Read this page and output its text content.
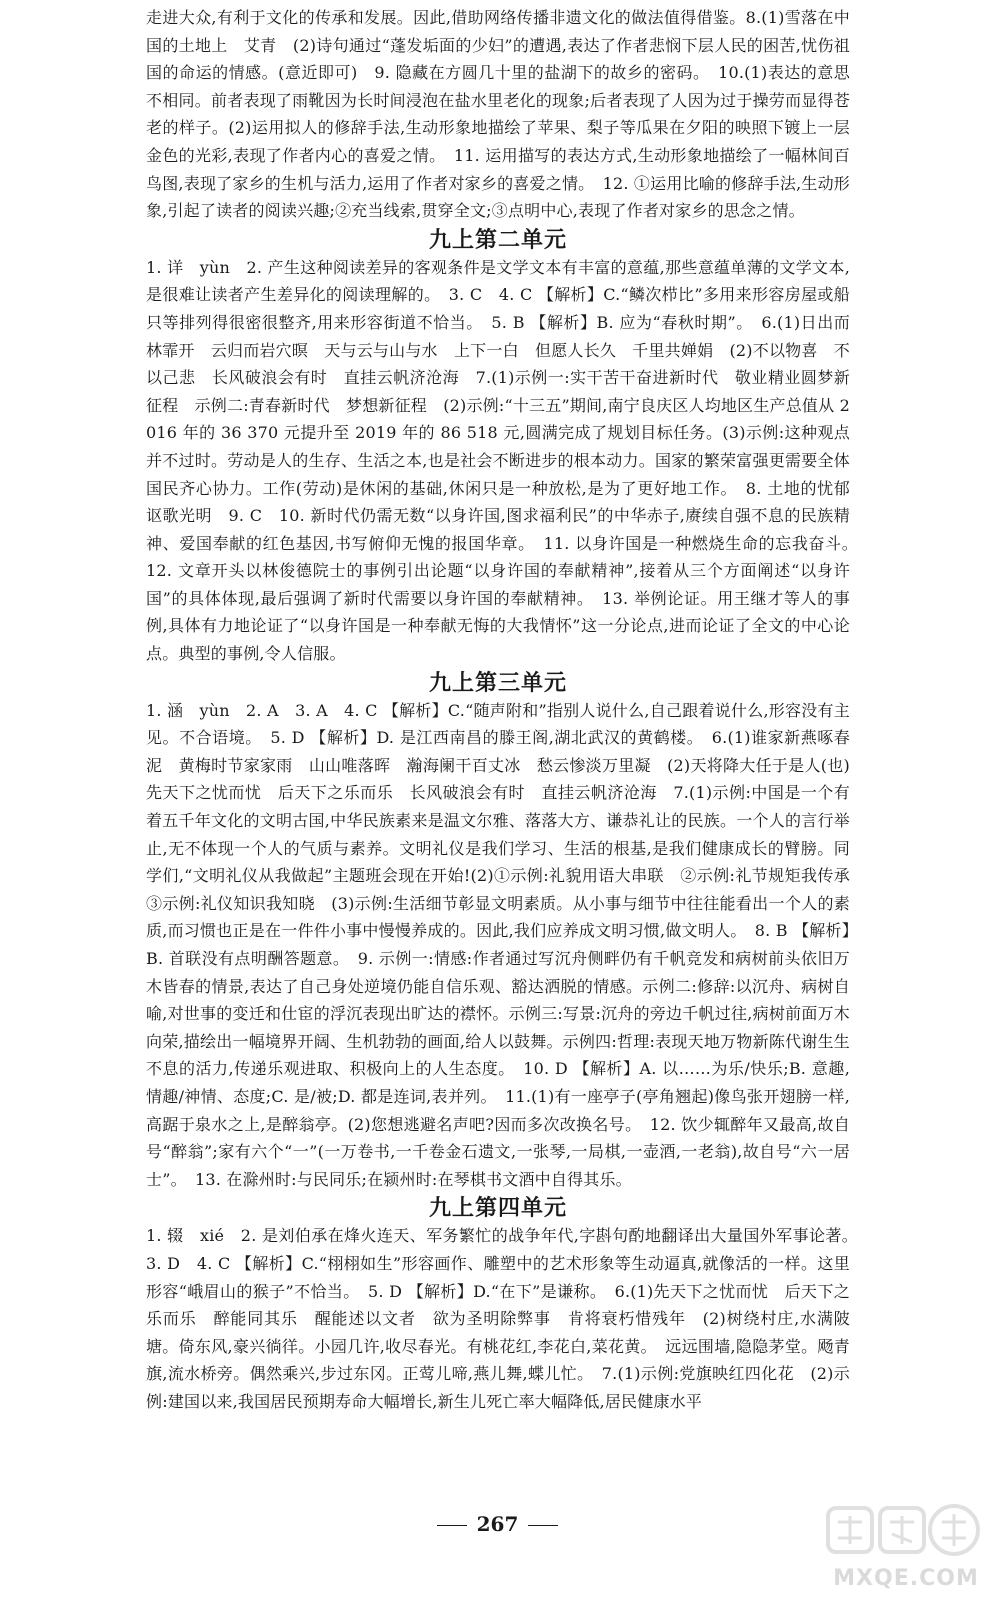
走进大众,有利于文化的传承和发展。因此,借助网络传播非遗文化的做法值得借鉴。8.(1)雪落在中国的土地上　艾青　(2)诗句通过“蓬发垢面的少妇”的遭遇,表达了作者悲悯下层人民的困苦,忧伤祖国的命运的情感。(意近即可)　9. 隐藏在方圆几十里的盐湖下的故乡的密码。　10.(1)表达的意思不相同。前者表现了雨靴因为长时间浸泡在盐水里老化的现象;后者表现了人因为过于操劳而显得苍老的样子。(2)运用拟人的修辞手法,生动形象地描绘了苹果、梨子等瓜果在夕阳的映照下镀上一层金色的光彩,表现了作者内心的喜爱之情。　11. 运用描写的表达方式,生动形象地描绘了一幅林间百鸟图,表现了家乡的生机与活力,运用了作者对家乡的喜爱之情。　12. ①运用比喻的修辞手法,生动形象,引起了读者的阅读兴趣;②充当线索,贯穿全文;③点明中心,表现了作者对家乡的思念之情。

九上第二单元

1. 详　yùn　2. 产生这种阅读差异的客观条件是文学文本有丰富的意蕴,那些意蕴单薄的文学文本,是很难让读者产生差异化的阅读理解的。　3. C　4. C 【解析】C.“鳞次栉比”多用来形容房屋或船只等排列得很密很整齐,用来形容街道不恰当。　5. B 【解析】B. 应为“春秋时期”。　6.(1)日出而林霏开　云归而岩穴暝　天与云与山与水　上下一白　但愿人长久　千里共婵娟　(2)不以物喜　不以己悲　长风破浪会有时　直挂云帆济沧海　7.(1)示例一:实干苦干奋进新时代　敬业精业圆梦新征程　示例二:青春新时代　梦想新征程　(2)示例:“十三五”期间,南宁良庆区人均地区生产总值从 2016 年的 36 370 元提升至 2019 年的 86 518 元,圆满完成了规划目标任务。(3)示例:这种观点并不过时。劳动是人的生存、生活之本,也是社会不断进步的根本动力。国家的繁荣富强更需要全体国民齐心协力。工作(劳动)是休闲的基础,休闲只是一种放松,是为了更好地工作。　8. 土地的忧郁　讴歌光明　9. C　10. 新时代仍需无数“以身许国,图求福利民”的中华赤子,赓续自强不息的民族精神、爱国奉献的红色基因,书写俯仰无愧的报国华章。　11. 以身许国是一种燃烧生命的忘我奋斗。　12. 文章开头以林俊德院士的事例引出论题“以身许国的奉献精神”,接着从三个方面阐述“以身许国”的具体体现,最后强调了新时代需要以身许国的奉献精神。　13. 举例论证。用王继才等人的事例,具体有力地论证了“以身许国是一种奉献无悔的大我情怀”这一分论点,进而论证了全文的中心论点。典型的事例,令人信服。

九上第三单元

1. 涵　yùn　2. A　3. A　4. C 【解析】C.“随声附和”指别人说什么,自己跟着说什么,形容没有主见。不合语境。　5. D 【解析】D. 是江西南昌的滕王阁,湖北武汉的黄鹤楼。　6.(1)谁家新燕啄春泥　黄梅时节家家雨　山山唯落晖　瀚海阑干百丈冰　愁云惨淡万里凝　(2)天将降大任于是人(也)　先天下之忧而忧　后天下之乐而乐　长风破浪会有时　直挂云帆济沧海　7.(1)示例:中国是一个有着五千年文化的文明古国,中华民族素来是温文尔雅、落落大方、谦恭礼让的民族。一个人的言行举止,无不体现一个人的气质与素养。文明礼仪是我们学习、生活的根基,是我们健康成长的臂膀。同学们,“文明礼仪从我做起”主题班会现在开始!(2)①示例:礼貌用语大串联　②示例:礼节规矩我传承　③示例:礼仪知识我知晓　(3)示例:生活细节彰显文明素质。从小事与细节中往往能看出一个人的素质,而习惯也正是在一件件小事中慢慢养成的。因此,我们应养成文明习惯,做文明人。　8. B 【解析】B. 首联没有点明酬答题意。　9. 示例一:情感:作者通过写沉舟侧畔仍有千帆竞发和病树前头依旧万木皆春的情景,表达了自己身处逆境仍能自信乐观、豁达洒脱的情感。示例二:修辞:以沉舟、病树自喻,对世事的变迁和仕宦的浮沉表现出旷达的襟怀。示例三:写景:沉舟的旁边千帆过往,病树前面万木向荣,描绘出一幅境界开阔、生机勃勃的画面,给人以鼓舞。示例四:哲理:表现天地万物新陈代谢生生不息的活力,传递乐观进取、积极向上的人生态度。　10. D 【解析】A. 以……为乐/快乐;B. 意趣,情趣/神情、态度;C. 是/被;D. 都是连词,表并列。　11.(1)有一座亭子(亭角翘起)像鸟张开翅膀一样,高踞于泉水之上,是醉翁亭。(2)您想逃避名声吧?因而多次改换名号。　12. 饮少辄醉年又最高,故自号“醉翁”;家有六个“一”(一万卷书,一千卷金石遗文,一张琴,一局棋,一壶酒,一老翁),故自号“六一居士”。　13. 在滁州时:与民同乐;在颍州时:在琴棋书文酒中自得其乐。

九上第四单元

1. 辍　xié　2. 是刘伯承在烽火连天、军务繁忙的战争年代,字斟句酌地翻译出大量国外军事论著。　3. D　4. C 【解析】C.“栩栩如生”形容画作、雕塑中的艺术形象等生动逼真,就像活的一样。这里形容“峨眉山的猴子”不恰当。　5. D 【解析】D.“在下”是谦称。　6.(1)先天下之忧而忧　后天下之乐而乐　醉能同其乐　醒能述以文者　欲为圣明除弊事　肯将衰朽惜残年　(2)树绕村庄,水满陂塘。倚东风,豪兴徜徉。小园几许,收尽春光。有桃花红,李花白,菜花黄。　远远围墙,隐隐茅堂。飏青旗,流水桥旁。偶然乘兴,步过东冈。正莺儿啼,燕儿舞,蝶儿忙。　7.(1)示例:党旗映红四化花　(2)示例:建国以来,我国居民预期寿命大幅增长,新生儿死亡率大幅降低,居民健康水平

267
MXQE.COM
